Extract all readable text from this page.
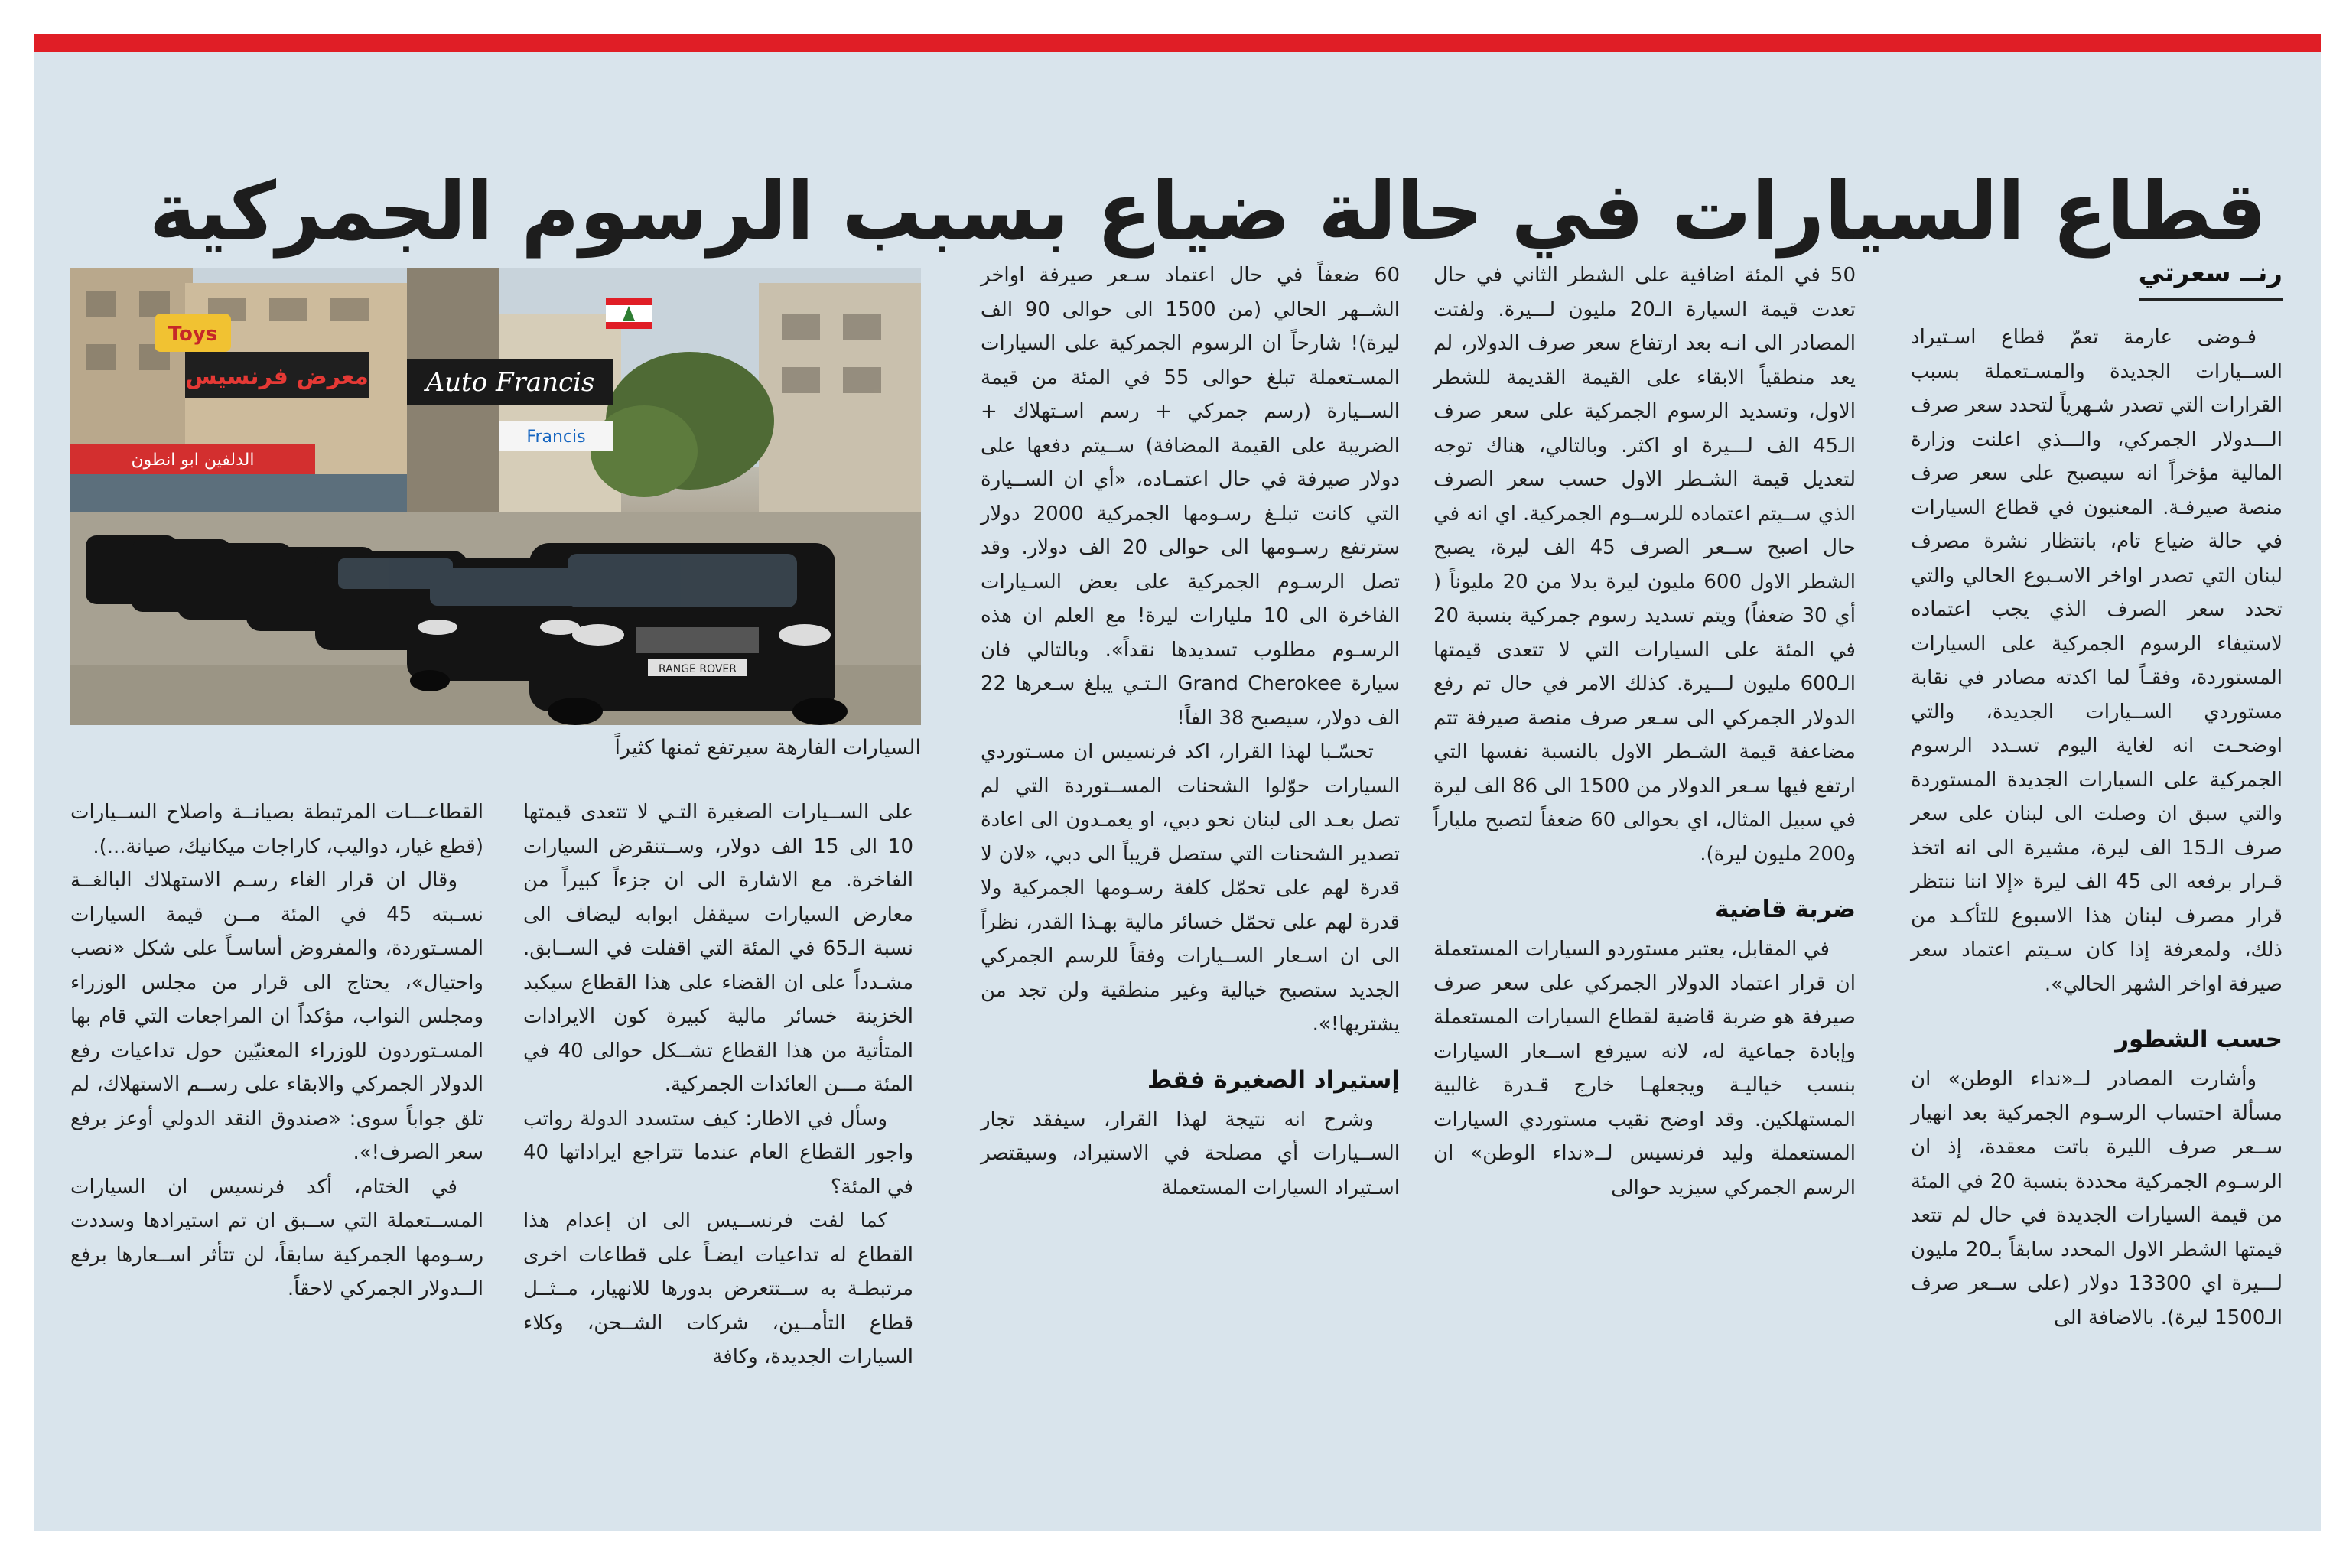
قطاع السيارات في حالة ضياع بسبب الرسوم الجمركية
رنــ سعرتي

فـوضى عارمة تعمّ قطاع اسـتيراد الســيارات الجديدة والمسـتعملة بسبب القرارات التي تصدر شـهرياً لتحدد سعر صرف الـــدولار الجمركي، والـــذي اعلنت وزارة المالية مؤخراً انه سيصبح على سعر صرف منصة صيرفـة. المعنيون في قطاع السيارات في حالة ضياع تام، بانتظار نشرة مصرف لبنان التي تصدر اواخر الاسـبوع الحالي والتي تحدد سعر الصرف الذي يجب اعتماده لاستيفاء الرسوم الجمركية على السيارات المستوردة، وفقـاً لما اكدته مصادر في نقابة مستوردي الســيارات الجديدة، والتي اوضحـت انه لغاية اليوم تسـدد الرسوم الجمركية على السيارات الجديدة المستوردة والتي سبق ان وصلت الى لبنان على سعر صرف الـ15 الف ليرة، مشيرة الى انه اتخذ قـرار برفعه الى 45 الف ليرة «إلا اننا ننتظر قرار مصرف لبنان هذا الاسبوع للتأكـد من ذلك، ولمعرفة إذا كان سـيتم اعتماد سعر صيرفة اواخر الشهر الحالي».

حسب الشطور

وأشارت المصادر لــ«نداء الوطن» ان مسألة احتساب الرسـوم الجمركية بعد انهيار ســعر صرف الليرة باتت معقدة، إذ ان الرسـوم الجمركية محددة بنسبة 20 في المئة من قيمة السيارات الجديدة في حال لم تتعد قيمتها الشطر الاول المحدد سابقاً بـ20 مليون لـــيرة اي 13300 دولار (على ســعر صرف الـ1500 ليرة). بالاضافة الى

50 في المئة اضافية على الشطر الثاني في حال تعدت قيمة السيارة الـ20 مليون لـــيرة. ولفتت المصادر الى انـه بعد ارتفاع سعر صرف الدولار، لم يعد منطقياً الابقاء على القيمة القديمة للشطر الاول، وتسديد الرسوم الجمركية على سعر صرف الـ45 الف لـــيرة او اكثر. وبالتالي، هناك توجه لتعديل قيمة الشـطر الاول حسب سعر الصرف الذي ســيتم اعتماده للرســوم الجمركية. اي انه في حال اصبح ســعر الصرف 45 الف ليرة، يصبح الشطر الاول 600 مليون ليرة بدلا من 20 مليوناً ( أي 30 ضعفاً) ويتم تسديد رسوم جمركية بنسبة 20 في المئة على السيارات التي لا تتعدى قيمتها الـ600 مليون لـــيرة. كذلك الامر في حال تم رفع الدولار الجمركي الى سـعر صرف منصة صيرفة تتم مضاعفة قيمة الشـطر الاول بالنسبة نفسها التي ارتفع فيها سـعر الدولار من 1500 الى 86 الف ليرة في سبيل المثال، اي بحوالى 60 ضعفاً لتصبح ملياراً و200 مليون ليرة).

ضربة قاضية

في المقابل، يعتبر مستوردو السيارات المستعملة ان قرار اعتماد الدولار الجمركي على سعر صرف صيرفة هو ضربة قاضية لقطاع السيارات المستعملة وإبادة جماعية له، لانه سيرفع اســعار السيارات بنسب خياليـة ويجعلهـا خارج قـدرة غالبية المستهلكين. وقد اوضح نقيب مستوردي السيارات المستعملة وليد فرنسيس لــ«نداء الوطن» ان الرسم الجمركي سيزيد حوالى

60 ضعفاً في حال اعتماد سـعر صيرفة اواخر الشــهر الحالي (من 1500 الى حوالى 90 الف ليرة)! شارحاً ان الرسوم الجمركية على السيارات المسـتعملة تبلغ حوالى 55 في المئة من قيمة الســيارة (رسم جمركي + رسم اسـتهلاك + الضريبة على القيمة المضافة) ســيتم دفعها على دولار صيرفة في حال اعتمـاده، «أي ان الســيارة التي كانت تبلـغ رسـومها الجمركية 2000 دولار سترتفع رسـومها الى حوالى 20 الف دولار. وقد تصل الرسـوم الجمركية على بعض السـيارات الفاخرة الى 10 مليارات ليرة! مع العلم ان هذه الرسـوم مطلوب تسديدها نقداً». وبالتالي فان سيارة Grand Cherokee الـتـي يبلغ سـعرها 22 الف دولار، سيصبح 38 الفاً!

تحسّـبا لهذا القرار، اكد فرنسيس ان مسـتوردي السيارات حوّلوا الشحنات المســتوردة التي لم تصل بعـد الى لبنان نحو دبي، او يعمـدون الى اعادة تصدير الشحنات التي ستصل قريباً الى دبي، «لان لا قدرة لهم على تحمّل كلفة رسـومها الجمركية ولا قدرة لهم على تحمّل خسائر مالية بهـذا القدر، نظراً الى ان اسـعار الســيارات وفقاً للرسم الجمركي الجديد ستصبح خيالية وغير منطقية ولن تجد من يشتريها!».

إستيراد الصغيرة فقط

وشرح انه نتيجة لهذا القرار، سيفقد تجار الســيارات أي مصلحة في الاستيراد، وسيقتصر اسـتيراد السيارات المستعملة

Toys
معرض فرنسيس Auto Francis
Francis
الدلفين ابو انطون
RANGE ROVER
السيارات الفارهة سيرتفع ثمنها كثيراً

على الســيارات الصغيرة التـي لا تتعدى قيمتها 10 الى 15 الف دولار، وســتنقرض السيارات الفاخرة. مع الاشارة الى ان جزءاً كبيراً من معارض السيارات سيقفل ابوابه ليضاف الى نسبة الـ65 في المئة التي اقفلت في الســابق. مشـدداً على ان القضاء على هذا القطاع سيكبد الخزينة خسائر مالية كبيرة كون الايرادات المتأتية من هذا القطاع تشــكل حوالى 40 في المئة مـــن العائدات الجمركية.

وسأل في الاطار: كيف ستسدد الدولة رواتب واجور القطاع العام عندما تتراجع ايراداتها 40 في المئة؟

كما لفت فرنســيس الى ان إعدام هذا القطاع له تداعيات ايضـاً على قطاعات اخرى مرتبطـة به ســتتعرض بدورها للانهيار، مــثــل قطاع التأمــين، شركات الشــحن، وكلاء السيارات الجديدة، وكافة

القطاعـــات المرتبطة بصيانــة واصلاح الســيارات (قطع غيار، دواليب، كاراجات ميكانيك، صيانة...).

وقال ان قرار الغاء رسـم الاستهلاك البالغــة نسـبته 45 في المئة مــن قيمة السيارات المسـتوردة، والمفروض أساسـاً على شكل «نصب واحتيال»، يحتاج الى قرار من مجلس الوزراء ومجلس النواب، مؤكداً ان المراجعات التي قام بها المسـتوردون للوزراء المعنيّين حول تداعيات رفع الدولار الجمركي والابقاء على رســم الاستهلاك، لم تلق جواباً سوى: «صندوق النقد الدولي أوعز برفع سعر الصرف!».

في الختام، أكد فرنسيس ان السيارات المســتعملة التي ســبق ان تم استيرادها وسددت رسـومها الجمركية سابقاً، لن تتأثر اســعارها برفع الــدولار الجمركي لاحقاً.
